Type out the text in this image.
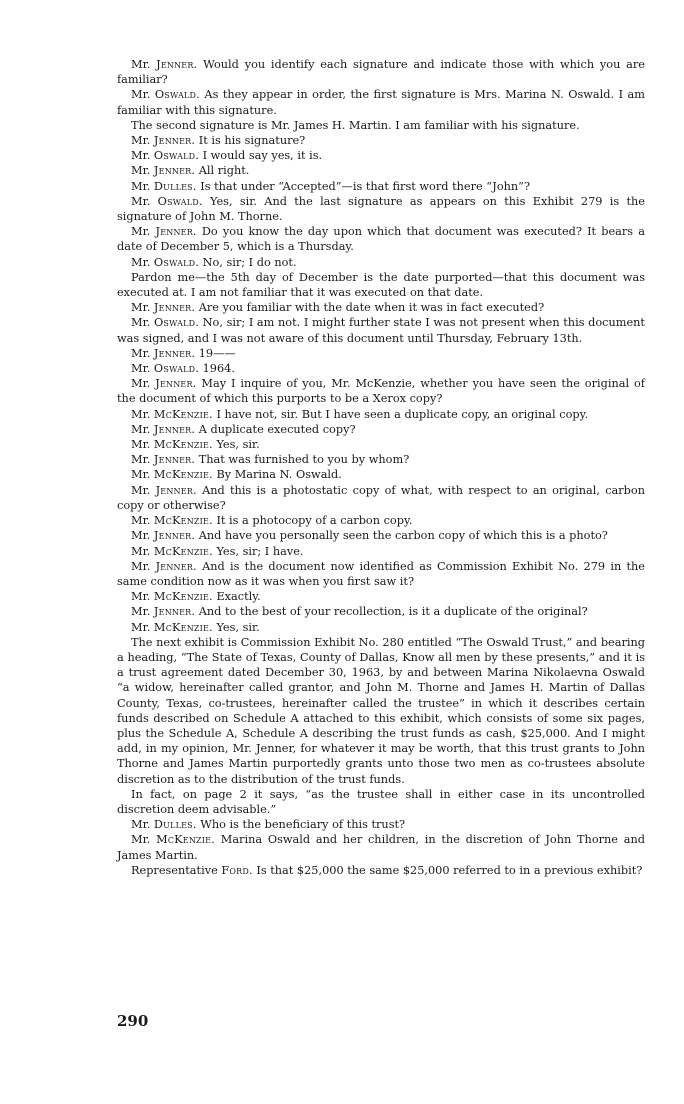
Mr. Jenner. Would you identify each signature and indicate those with which you are familiar?

Mr. Oswald. As they appear in order, the first signature is Mrs. Marina N. Oswald. I am familiar with this signature.

The second signature is Mr. James H. Martin. I am familiar with his signature.

Mr. Jenner. It is his signature?

Mr. Oswald. I would say yes, it is.

Mr. Jenner. All right.

Mr. Dulles. Is that under “Accepted”—is that first word there “John”?

Mr. Oswald. Yes, sir. And the last signature as appears on this Exhibit 279 is the signature of John M. Thorne.

Mr. Jenner. Do you know the day upon which that document was executed? It bears a date of December 5, which is a Thursday.

Mr. Oswald. No, sir; I do not.

Pardon me—the 5th day of December is the date purported—that this document was executed at. I am not familiar that it was executed on that date.

Mr. Jenner. Are you familiar with the date when it was in fact executed?

Mr. Oswald. No, sir; I am not. I might further state I was not present when this document was signed, and I was not aware of this document until Thursday, February 13th.

Mr. Jenner. 19——

Mr. Oswald. 1964.

Mr. Jenner. May I inquire of you, Mr. McKenzie, whether you have seen the original of the document of which this purports to be a Xerox copy?

Mr. McKenzie. I have not, sir. But I have seen a duplicate copy, an original copy.

Mr. Jenner. A duplicate executed copy?

Mr. McKenzie. Yes, sir.

Mr. Jenner. That was furnished to you by whom?

Mr. McKenzie. By Marina N. Oswald.

Mr. Jenner. And this is a photostatic copy of what, with respect to an original, carbon copy or otherwise?

Mr. McKenzie. It is a photocopy of a carbon copy.

Mr. Jenner. And have you personally seen the carbon copy of which this is a photo?

Mr. McKenzie. Yes, sir; I have.

Mr. Jenner. And is the document now identified as Commission Exhibit No. 279 in the same condition now as it was when you first saw it?

Mr. McKenzie. Exactly.

Mr. Jenner. And to the best of your recollection, is it a duplicate of the original?

Mr. McKenzie. Yes, sir.

The next exhibit is Commission Exhibit No. 280 entitled “The Oswald Trust,” and bearing a heading, “The State of Texas, County of Dallas, Know all men by these presents,” and it is a trust agreement dated December 30, 1963, by and between Marina Nikolaevna Oswald “a widow, hereinafter called grantor, and John M. Thorne and James H. Martin of Dallas County, Texas, co-trustees, hereinafter called the trustee” in which it describes certain funds described on Schedule A attached to this exhibit, which consists of some six pages, plus the Schedule A, Schedule A describing the trust funds as cash, $25,000. And I might add, in my opinion, Mr. Jenner, for whatever it may be worth, that this trust grants to John Thorne and James Martin purportedly grants unto those two men as co-trustees absolute discretion as to the distribution of the trust funds.

In fact, on page 2 it says, “as the trustee shall in either case in its uncontrolled discretion deem advisable.”

Mr. Dulles. Who is the beneficiary of this trust?

Mr. McKenzie. Marina Oswald and her children, in the discretion of John Thorne and James Martin.

Representative Ford. Is that $25,000 the same $25,000 referred to in a previous exhibit?

290
